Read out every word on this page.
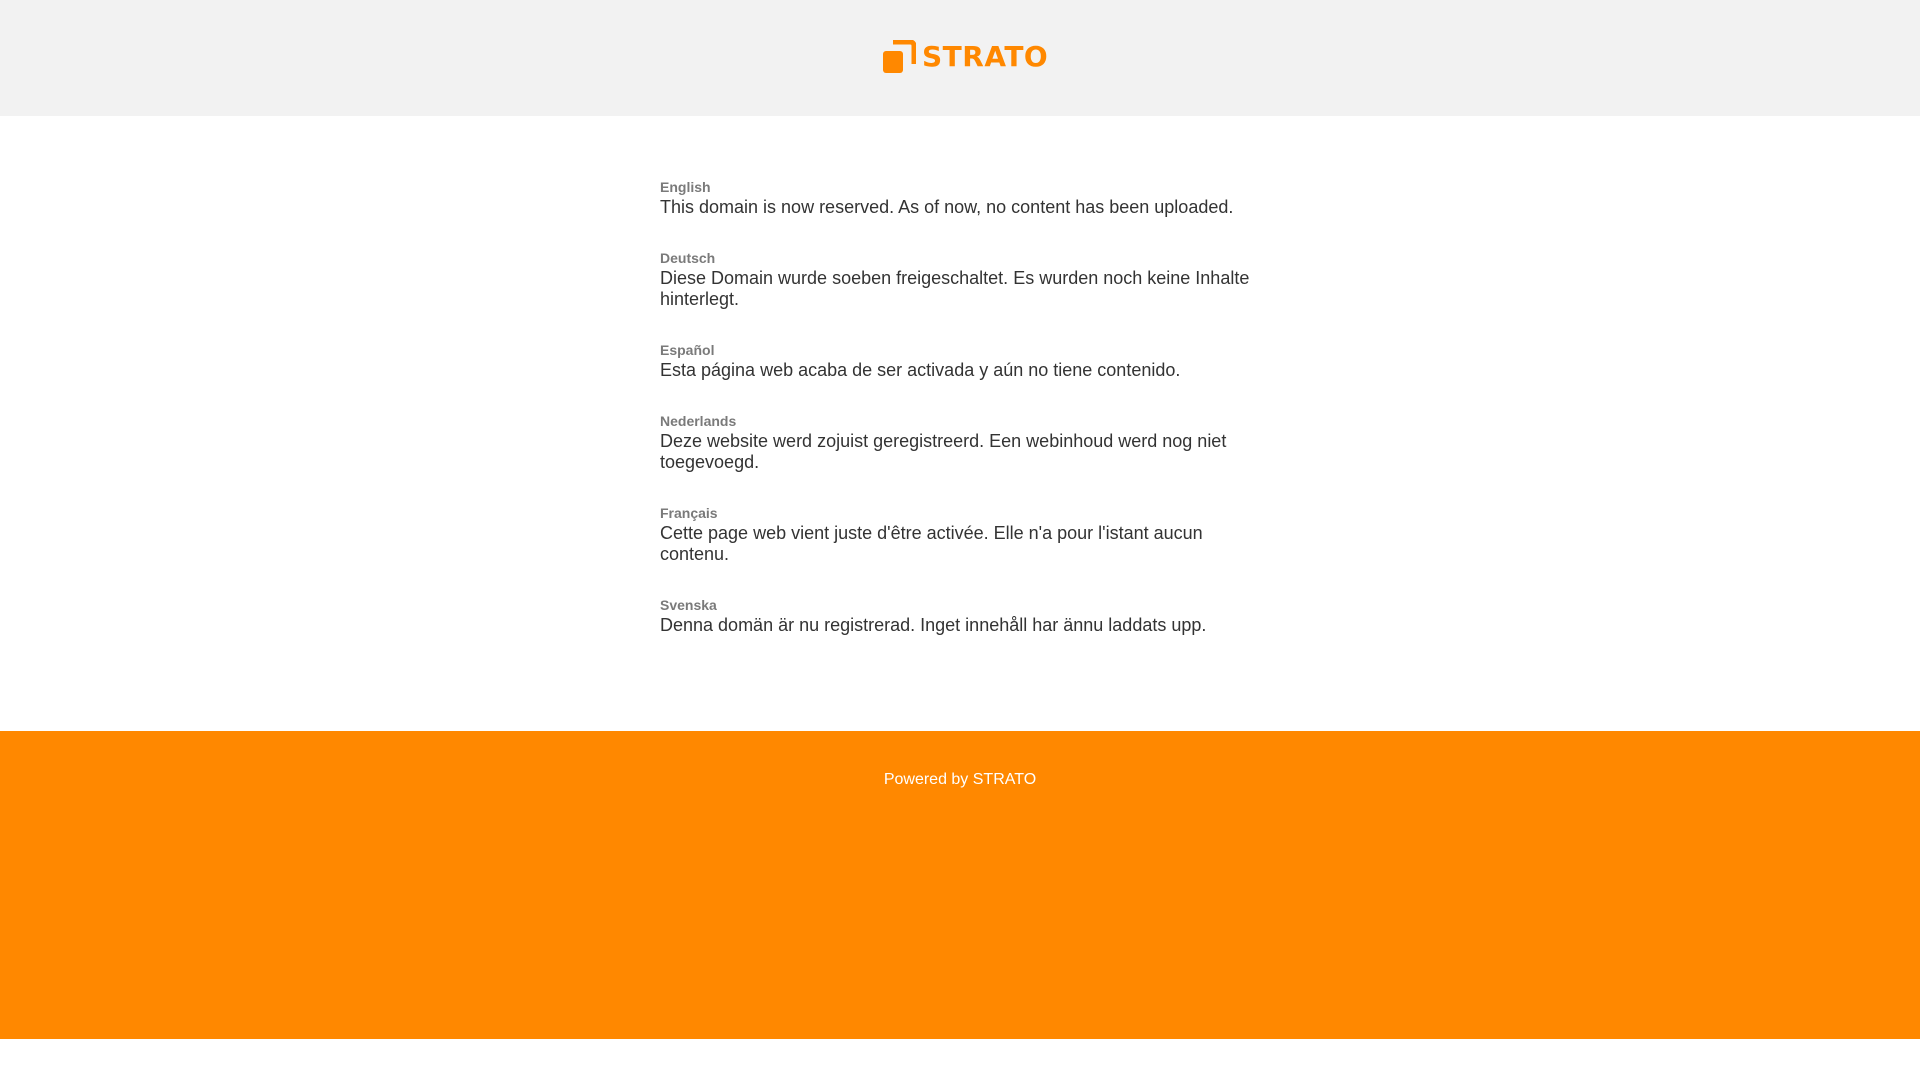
STRATO
English
This domain is now reserved. As of now, no content has been uploaded.
Deutsch
Diese Domain wurde soeben freigeschaltet. Es wurden noch keine Inhalte hinterlegt.
Español
Esta página web acaba de ser activada y aún no tiene contenido.
Nederlands
Deze website werd zojuist geregistreerd. Een webinhoud werd nog niet toegevoegd.
Français
Cette page web vient juste d'être activée. Elle n'a pour l'istant aucun contenu.
Svenska
Denna domän är nu registrerad. Inget innehåll har ännu laddats upp.
Powered by STRATO
